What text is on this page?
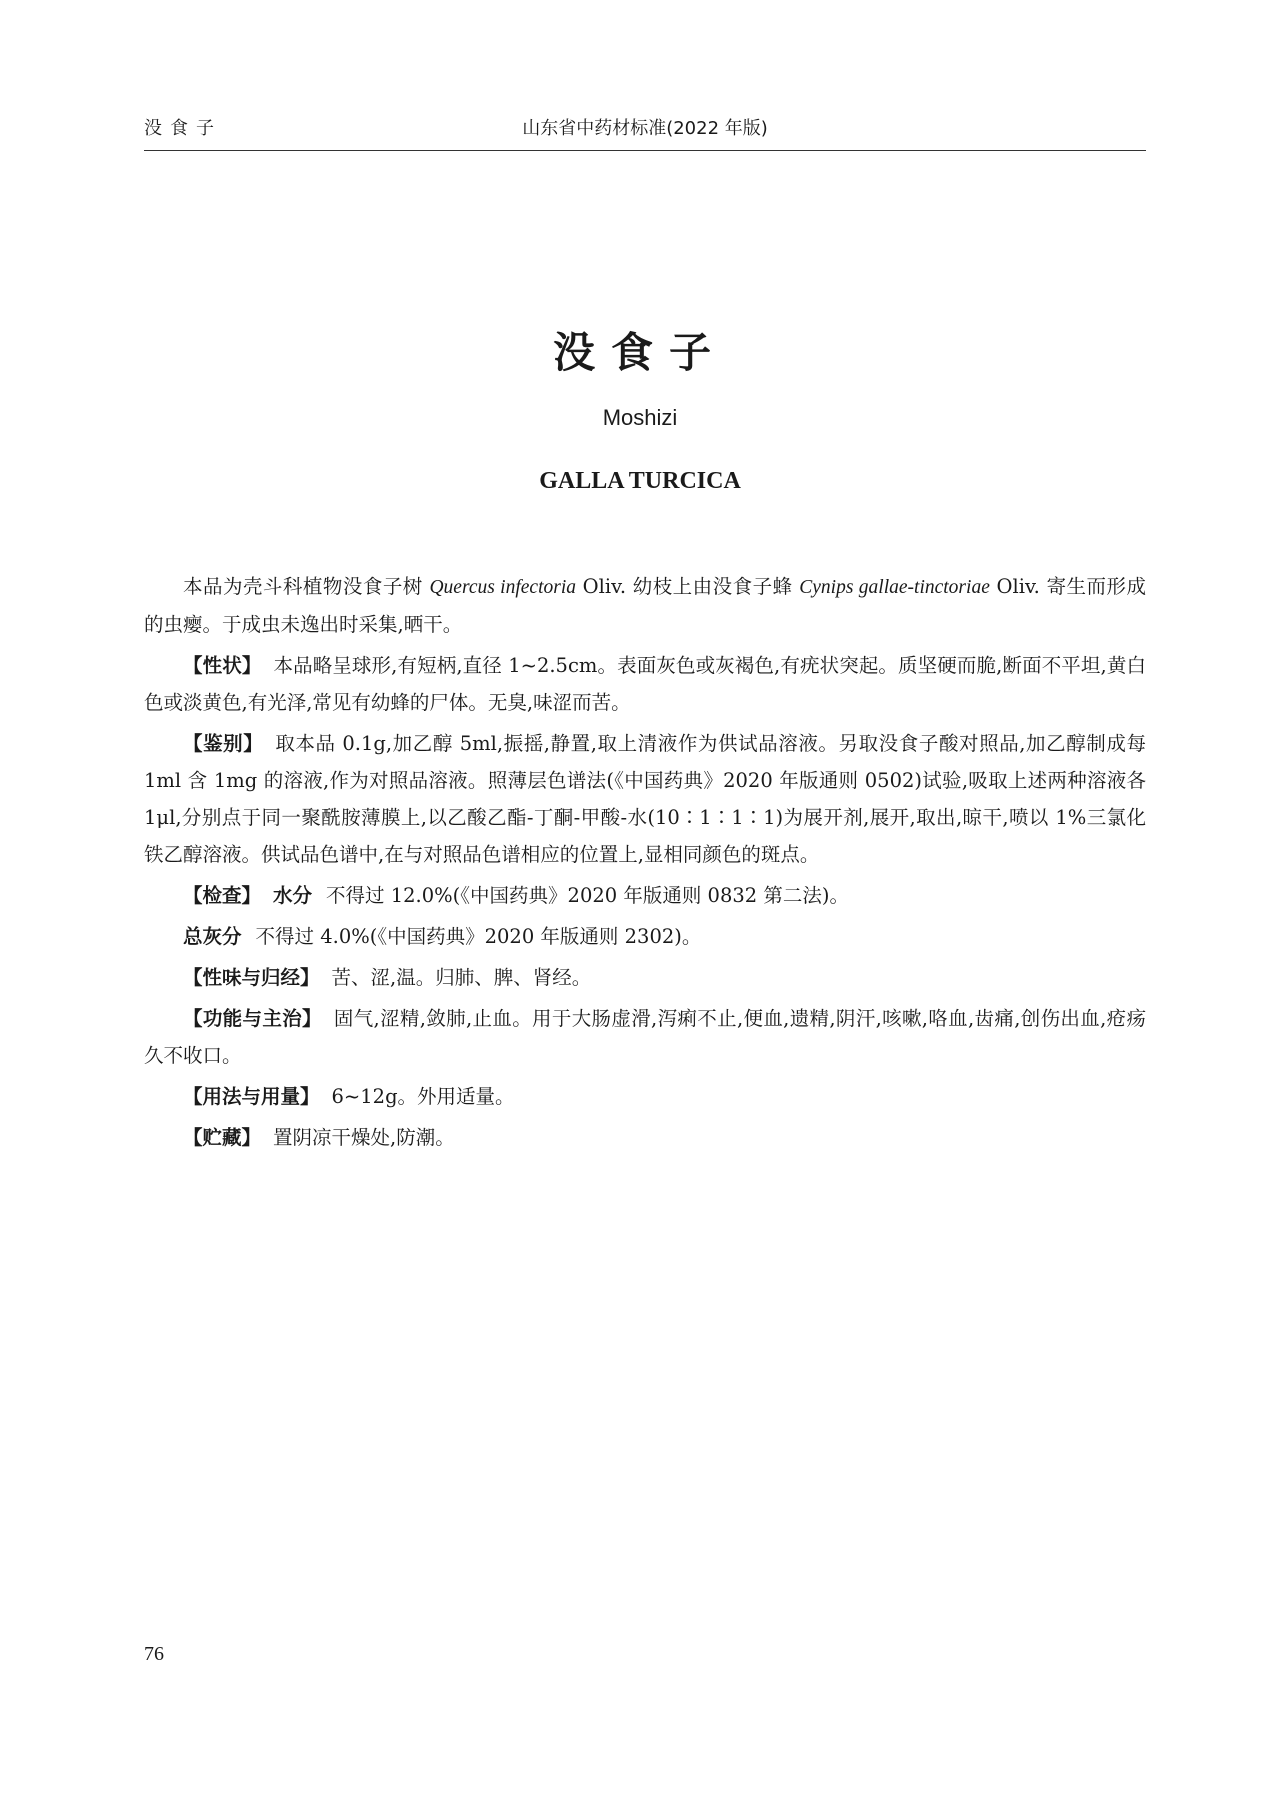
没食子	山东省中药材标准(2022 年版)
没食子
Moshizi
GALLA TURCICA

本品为壳斗科植物没食子树 Quercus infectoria Oliv. 幼枝上由没食子蜂 Cynips gallae-tinctoriae Oliv. 寄生而形成的虫瘿。于成虫未逸出时采集,晒干。

【性状】 本品略呈球形,有短柄,直径 1~2.5cm。表面灰色或灰褐色,有疣状突起。质坚硬而脆,断面不平坦,黄白色或淡黄色,有光泽,常见有幼蜂的尸体。无臭,味涩而苦。

【鉴别】 取本品 0.1g,加乙醇 5ml,振摇,静置,取上清液作为供试品溶液。另取没食子酸对照品,加乙醇制成每 1ml 含 1mg 的溶液,作为对照品溶液。照薄层色谱法(《中国药典》2020 年版通则 0502)试验,吸取上述两种溶液各 1μl,分别点于同一聚酰胺薄膜上,以乙酸乙酯-丁酮-甲酸-水(10∶1∶1∶1)为展开剂,展开,取出,晾干,喷以 1%三氯化铁乙醇溶液。供试品色谱中,在与对照品色谱相应的位置上,显相同颜色的斑点。

【检查】 水分 不得过 12.0%(《中国药典》2020 年版通则 0832 第二法)。

总灰分 不得过 4.0%(《中国药典》2020 年版通则 2302)。

【性味与归经】 苦、涩,温。归肺、脾、肾经。

【功能与主治】 固气,涩精,敛肺,止血。用于大肠虚滑,泻痢不止,便血,遗精,阴汗,咳嗽,咯血,齿痛,创伤出血,疮疡久不收口。

【用法与用量】 6~12g。外用适量。

【贮藏】 置阴凉干燥处,防潮。

76
